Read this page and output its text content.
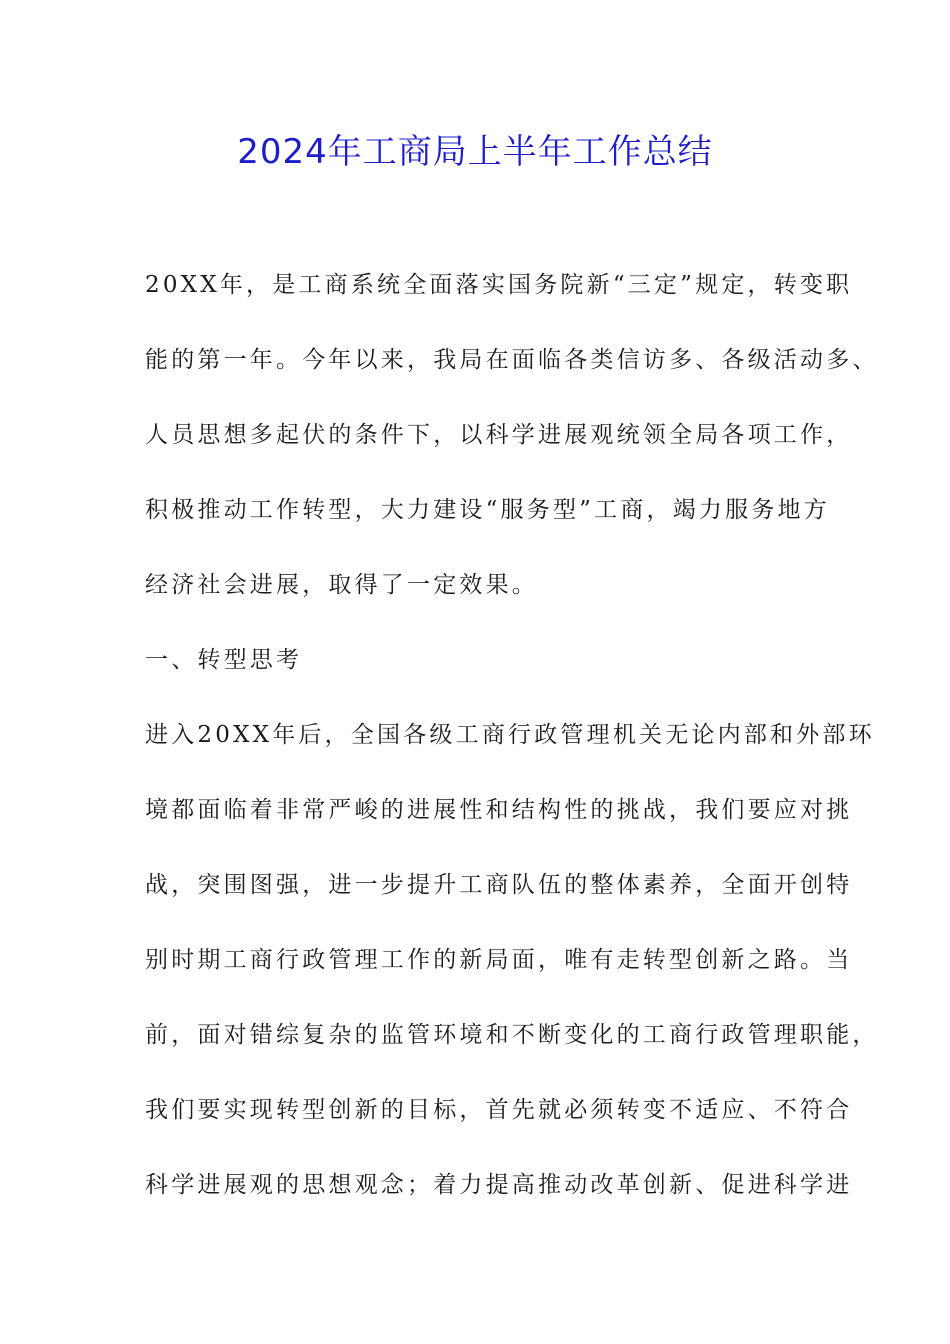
2024年工商局上半年工作总结
20XX年，是工商系统全面落实国务院新“三定”规定，转变职
能的第一年。今年以来，我局在面临各类信访多、各级活动多、
人员思想多起伏的条件下，以科学进展观统领全局各项工作，
积极推动工作转型，大力建设“服务型”工商，竭力服务地方
经济社会进展，取得了一定效果。
一、转型思考
进入20XX年后，全国各级工商行政管理机关无论内部和外部环
境都面临着非常严峻的进展性和结构性的挑战，我们要应对挑
战，突围图强，进一步提升工商队伍的整体素养，全面开创特
别时期工商行政管理工作的新局面，唯有走转型创新之路。当
前，面对错综复杂的监管环境和不断变化的工商行政管理职能，
我们要实现转型创新的目标，首先就必须转变不适应、不符合
科学进展观的思想观念；着力提高推动改革创新、促进科学进
